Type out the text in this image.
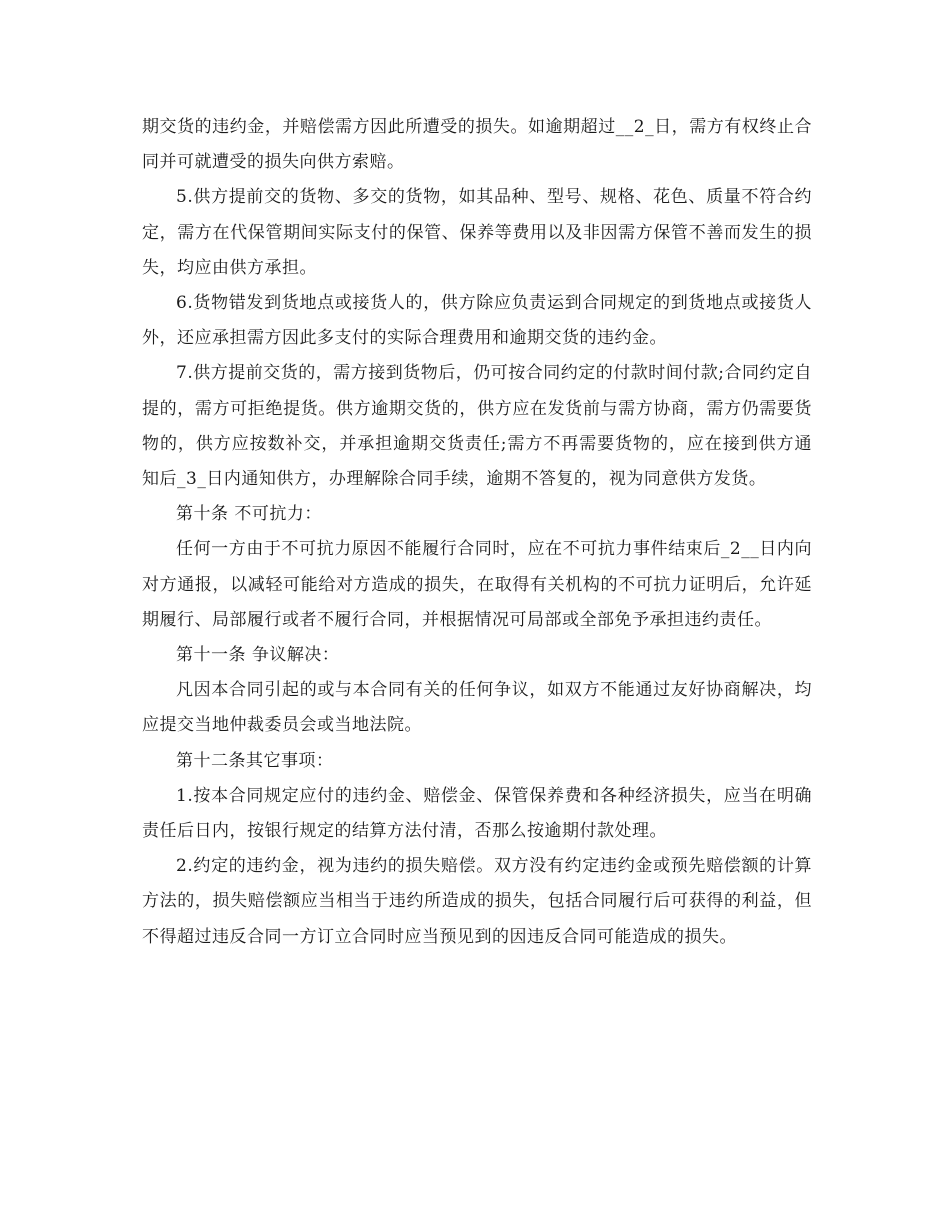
期交货的违约金，并赔偿需方因此所遭受的损失。如逾期超过__2_日，需方有权终止合同并可就遭受的损失向供方索赔。

5.供方提前交的货物、多交的货物，如其品种、型号、规格、花色、质量不符合约定，需方在代保管期间实际支付的保管、保养等费用以及非因需方保管不善而发生的损失，均应由供方承担。

6.货物错发到货地点或接货人的，供方除应负责运到合同规定的到货地点或接货人外，还应承担需方因此多支付的实际合理费用和逾期交货的违约金。

7.供方提前交货的，需方接到货物后，仍可按合同约定的付款时间付款;合同约定自提的，需方可拒绝提货。供方逾期交货的，供方应在发货前与需方协商，需方仍需要货物的，供方应按数补交，并承担逾期交货责任;需方不再需要货物的，应在接到供方通知后_3_日内通知供方，办理解除合同手续，逾期不答复的，视为同意供方发货。

第十条 不可抗力：

任何一方由于不可抗力原因不能履行合同时，应在不可抗力事件结束后_2__日内向对方通报，以减轻可能给对方造成的损失，在取得有关机构的不可抗力证明后，允许延期履行、局部履行或者不履行合同，并根据情况可局部或全部免予承担违约责任。

第十一条 争议解决：

凡因本合同引起的或与本合同有关的任何争议，如双方不能通过友好协商解决，均应提交当地仲裁委员会或当地法院。

第十二条其它事项：

1.按本合同规定应付的违约金、赔偿金、保管保养费和各种经济损失，应当在明确责任后日内，按银行规定的结算方法付清，否那么按逾期付款处理。

2.约定的违约金，视为违约的损失赔偿。双方没有约定违约金或预先赔偿额的计算方法的，损失赔偿额应当相当于违约所造成的损失，包括合同履行后可获得的利益，但不得超过违反合同一方订立合同时应当预见到的因违反合同可能造成的损失。
